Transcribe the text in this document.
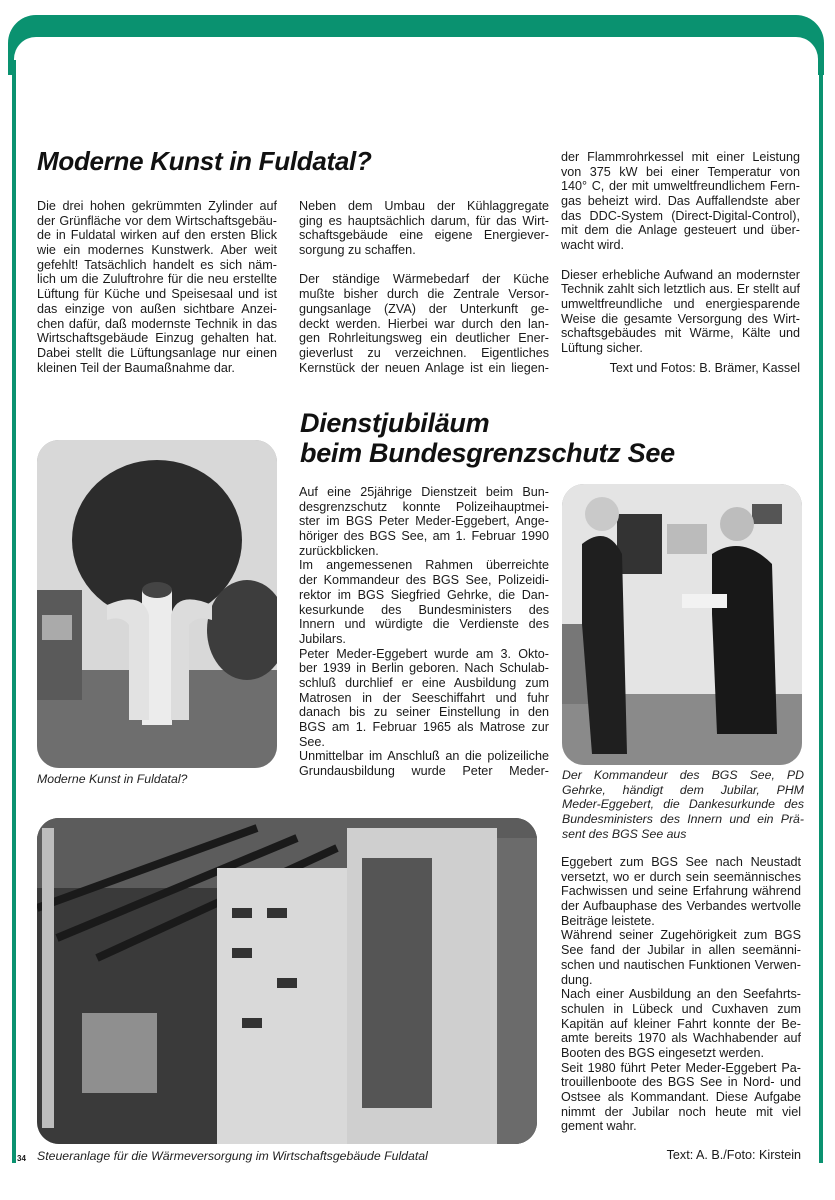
Moderne Kunst in Fuldatal?
Die drei hohen gekrümmten Zylinder auf
der Grünfläche vor dem Wirtschaftsgebäu-
de in Fuldatal wirken auf den ersten Blick
wie ein modernes Kunstwerk. Aber weit
gefehlt! Tatsächlich handelt es sich näm-
lich um die Zuluftrohre für die neu erstellte
Lüftung für Küche und Speisesaal und ist
das einzige von außen sichtbare Anzei-
chen dafür, daß modernste Technik in das
Wirtschaftsgebäude Einzug gehalten hat.
Dabei stellt die Lüftungsanlage nur einen
kleinen Teil der Baumaßnahme dar.
Neben dem Umbau der Kühlaggregate
ging es hauptsächlich darum, für das Wirt-
schaftsgebäude eine eigene Energiever-
sorgung zu schaffen.
Der ständige Wärmebedarf der Küche
mußte bisher durch die Zentrale Versor-
gungsanlage (ZVA) der Unterkunft ge-
deckt werden. Hierbei war durch den lan-
gen Rohrleitungsweg ein deutlicher Ener-
gieverlust zu verzeichnen. Eigentliches
Kernstück der neuen Anlage ist ein liegen-
der Flammrohrkessel mit einer Leistung
von 375 kW bei einer Temperatur von
140° C, der mit umweltfreundlichem Fern-
gas beheizt wird. Das Auffallendste aber
das DDC-System (Direct-Digital-Control),
mit dem die Anlage gesteuert und über-
wacht wird.
Dieser erhebliche Aufwand an modernster
Technik zahlt sich letztlich aus. Er stellt auf
umweltfreundliche und energiesparende
Weise die gesamte Versorgung des Wirt-
schaftsgebäudes mit Wärme, Kälte und
Lüftung sicher.
Text und Fotos: B. Brämer, Kassel
Dienstjubiläum
beim Bundesgrenzschutz See
Moderne Kunst in Fuldatal?
Auf eine 25jährige Dienstzeit beim Bun-
desgrenzschutz konnte Polizeihauptmei-
ster im BGS Peter Meder-Eggebert, Ange-
höriger des BGS See, am 1. Februar 1990
zurückblicken.
Im angemessenen Rahmen überreichte
der Kommandeur des BGS See, Polizeidi-
rektor im BGS Siegfried Gehrke, die Dan-
kesurkunde des Bundesministers des
Innern und würdigte die Verdienste des
Jubilars.
Peter Meder-Eggebert wurde am 3. Okto-
ber 1939 in Berlin geboren. Nach Schulab-
schluß durchlief er eine Ausbildung zum
Matrosen in der Seeschiffahrt und fuhr
danach bis zu seiner Einstellung in den
BGS am 1. Februar 1965 als Matrose zur
See.
Unmittelbar im Anschluß an die polizeiliche
Grundausbildung wurde Peter Meder- Der Kommandeur des BGS See, PD
Gehrke, händigt dem Jubilar, PHM
Meder-Eggebert, die Dankesurkunde des
Bundesministers des Innern und ein Prä-
sent des BGS See aus
34 Steueranlage für die Wärmeversorgung im Wirtschaftsgebäude Fuldatal
Eggebert zum BGS See nach Neustadt
versetzt, wo er durch sein seemännisches
Fachwissen und seine Erfahrung während
der Aufbauphase des Verbandes wertvolle
Beiträge leistete.
Während seiner Zugehörigkeit zum BGS
See fand der Jubilar in allen seemänni-
schen und nautischen Funktionen Verwen-
dung.
Nach einer Ausbildung an den Seefahrts-
schulen in Lübeck und Cuxhaven zum
Kapitän auf kleiner Fahrt konnte der Be-
amte bereits 1970 als Wachhabender auf
Booten des BGS eingesetzt werden.
Seit 1980 führt Peter Meder-Eggebert Pa-
trouillenboote des BGS See in Nord- und
Ostsee als Kommandant. Diese Aufgabe
nimmt der Jubilar noch heute mit viel
gement wahr.
Text: A. B./Foto: Kirstein
